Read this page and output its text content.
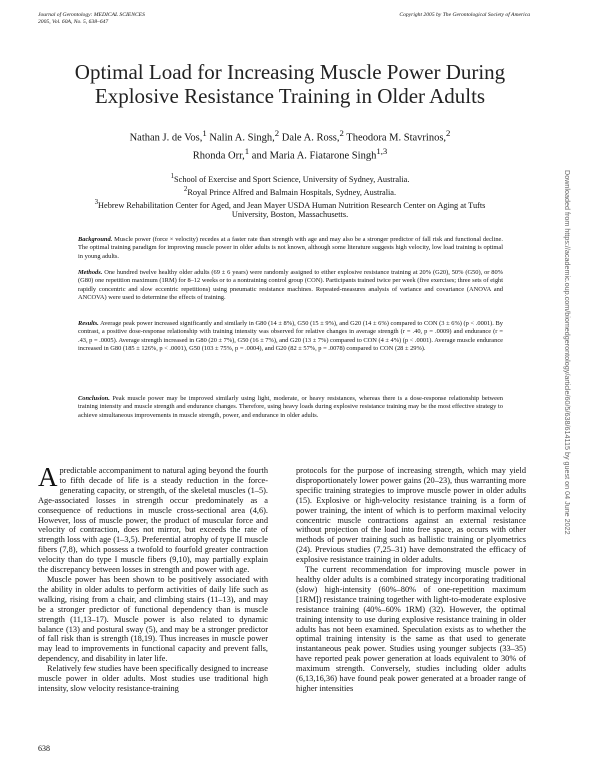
Journal of Gerontology: MEDICAL SCIENCES
2005, Vol. 60A, No. 5, 638–647
Copyright 2005 by The Gerontological Society of America
Optimal Load for Increasing Muscle Power During
Explosive Resistance Training in Older Adults
Nathan J. de Vos,$^1$ Nalin A. Singh,$^2$ Dale A. Ross,$^2$ Theodora M. Stavrinos,$^2$
Rhonda Orr,$^1$ and Maria A. Fiatarone Singh$^{1,3}$
$^1$School of Exercise and Sport Science, University of Sydney, Australia.
$^2$Royal Prince Alfred and Balmain Hospitals, Sydney, Australia.
$^3$Hebrew Rehabilitation Center for Aged, and Jean Mayer USDA Human Nutrition Research Center on Aging at Tufts University, Boston, Massachusetts.
Background. Muscle power (force × velocity) recedes at a faster rate than strength with age and may also be a stronger predictor of fall risk and functional decline. The optimal training paradigm for improving muscle power in older adults is not known, although some literature suggests high velocity, low load training is optimal in young adults.
Methods. One hundred twelve healthy older adults (69 ± 6 years) were randomly assigned to either explosive resistance training at 20% (G20), 50% (G50), or 80% (G80) one repetition maximum (1RM) for 8–12 weeks or to a nontraining control group (CON). Participants trained twice per week (five exercises; three sets of eight rapidly concentric and slow eccentric repetitions) using pneumatic resistance machines. Repeated-measures analysis of variance and covariance (ANOVA and ANCOVA) were used to determine the effects of training.
Results. Average peak power increased significantly and similarly in G80 (14 ± 8%), G50 (15 ± 9%), and G20 (14 ± 6%) compared to CON (3 ± 6%) (p < .0001). By contrast, a positive dose-response relationship with training intensity was observed for relative changes in average strength (r = .40, p = .0009) and endurance (r = .43, p = .0005). Average strength increased in G80 (20 ± 7%), G50 (16 ± 7%), and G20 (13 ± 7%) compared to CON (4 ± 4%) (p < .0001). Average muscle endurance increased in G80 (185 ± 126%, p < .0001), G50 (103 ± 75%, p = .0004), and G20 (82 ± 57%, p = .0078) compared to CON (28 ± 29%).
Conclusion. Peak muscle power may be improved similarly using light, moderate, or heavy resistances, whereas there is a dose-response relationship between training intensity and muscle strength and endurance changes. Therefore, using heavy loads during explosive resistance training may be the most effective strategy to achieve simultaneous improvements in muscle strength, power, and endurance in older adults.

Apredictable accompaniment to natural aging beyond the fourth to fifth decade of life is a steady reduction in the force-generating capacity, or strength, of the skeletal muscles (1–5). Age-associated losses in strength occur predominately as a consequence of reductions in muscle cross-sectional area (4,6). However, loss of muscle power, the product of muscular force and velocity of contraction, does not mirror, but exceeds the rate of strength loss with age (1–3,5). Preferential atrophy of type II muscle fibers (7,8), which possess a twofold to fourfold greater contraction velocity than do type I muscle fibers (9,10), may partially explain the discrepancy between losses in strength and power with age.

Muscle power has been shown to be positively associated with the ability in older adults to perform activities of daily life such as walking, rising from a chair, and climbing stairs (11–13), and may be a stronger predictor of functional dependency than is muscle strength (11,13–17). Muscle power is also related to dynamic balance (13) and postural sway (5), and may be a stronger predictor of fall risk than is strength (18,19). Thus increases in muscle power may lead to improvements in functional capacity and prevent falls, dependency, and disability in later life.

Relatively few studies have been specifically designed to increase muscle power in older adults. Most studies use traditional high intensity, slow velocity resistance-training

protocols for the purpose of increasing strength, which may yield disproportionately lower power gains (20–23), thus warranting more specific training strategies to improve muscle power in older adults (15). Explosive or high-velocity resistance training is a form of power training, the intent of which is to perform maximal velocity concentric muscle contractions against an external resistance without projection of the load into free space, as occurs with other methods of power training such as ballistic training or plyometrics (24). Previous studies (7,25–31) have demonstrated the efficacy of explosive resistance training in older adults.

The current recommendation for improving muscle power in healthy older adults is a combined strategy incorporating traditional (slow) high-intensity (60%–80% of one-repetition maximum [1RM]) resistance training together with light-to-moderate explosive resistance training (40%–60% 1RM) (32). However, the optimal training intensity to use during explosive resistance training in older adults has not been examined. Speculation exists as to whether the optimal training intensity is the same as that used to generate instantaneous peak power. Studies using younger subjects (33–35) have reported peak power generation at loads equivalent to 30% of maximum strength. Conversely, studies including older adults (6,13,16,36) have found peak power generated at a broader range of higher intensities

638
Downloaded from https://academic.oup.com/biomedgerontology/article/60/5/638/614115 by guest on 04 June 2022
